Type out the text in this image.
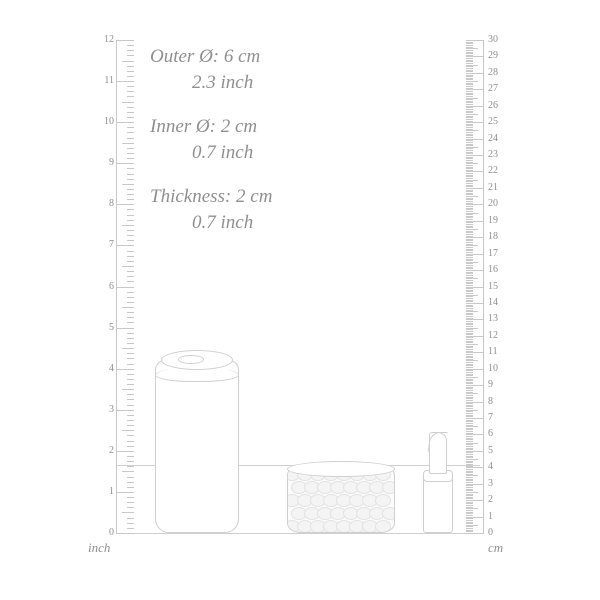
Outer Ø: 6 cm
2.3 inch
Inner Ø: 2 cm
0.7 inch
Thickness: 2 cm
0.7 inch
inch
0
1
2
3
4
5
6
7
8
9
10
11
12
cm
0
1
2
3
4
5
6
7
8
9
10
11
12
13
14
15
16
17
18
19
20
21
22
23
24
25
26
27
28
29
30
